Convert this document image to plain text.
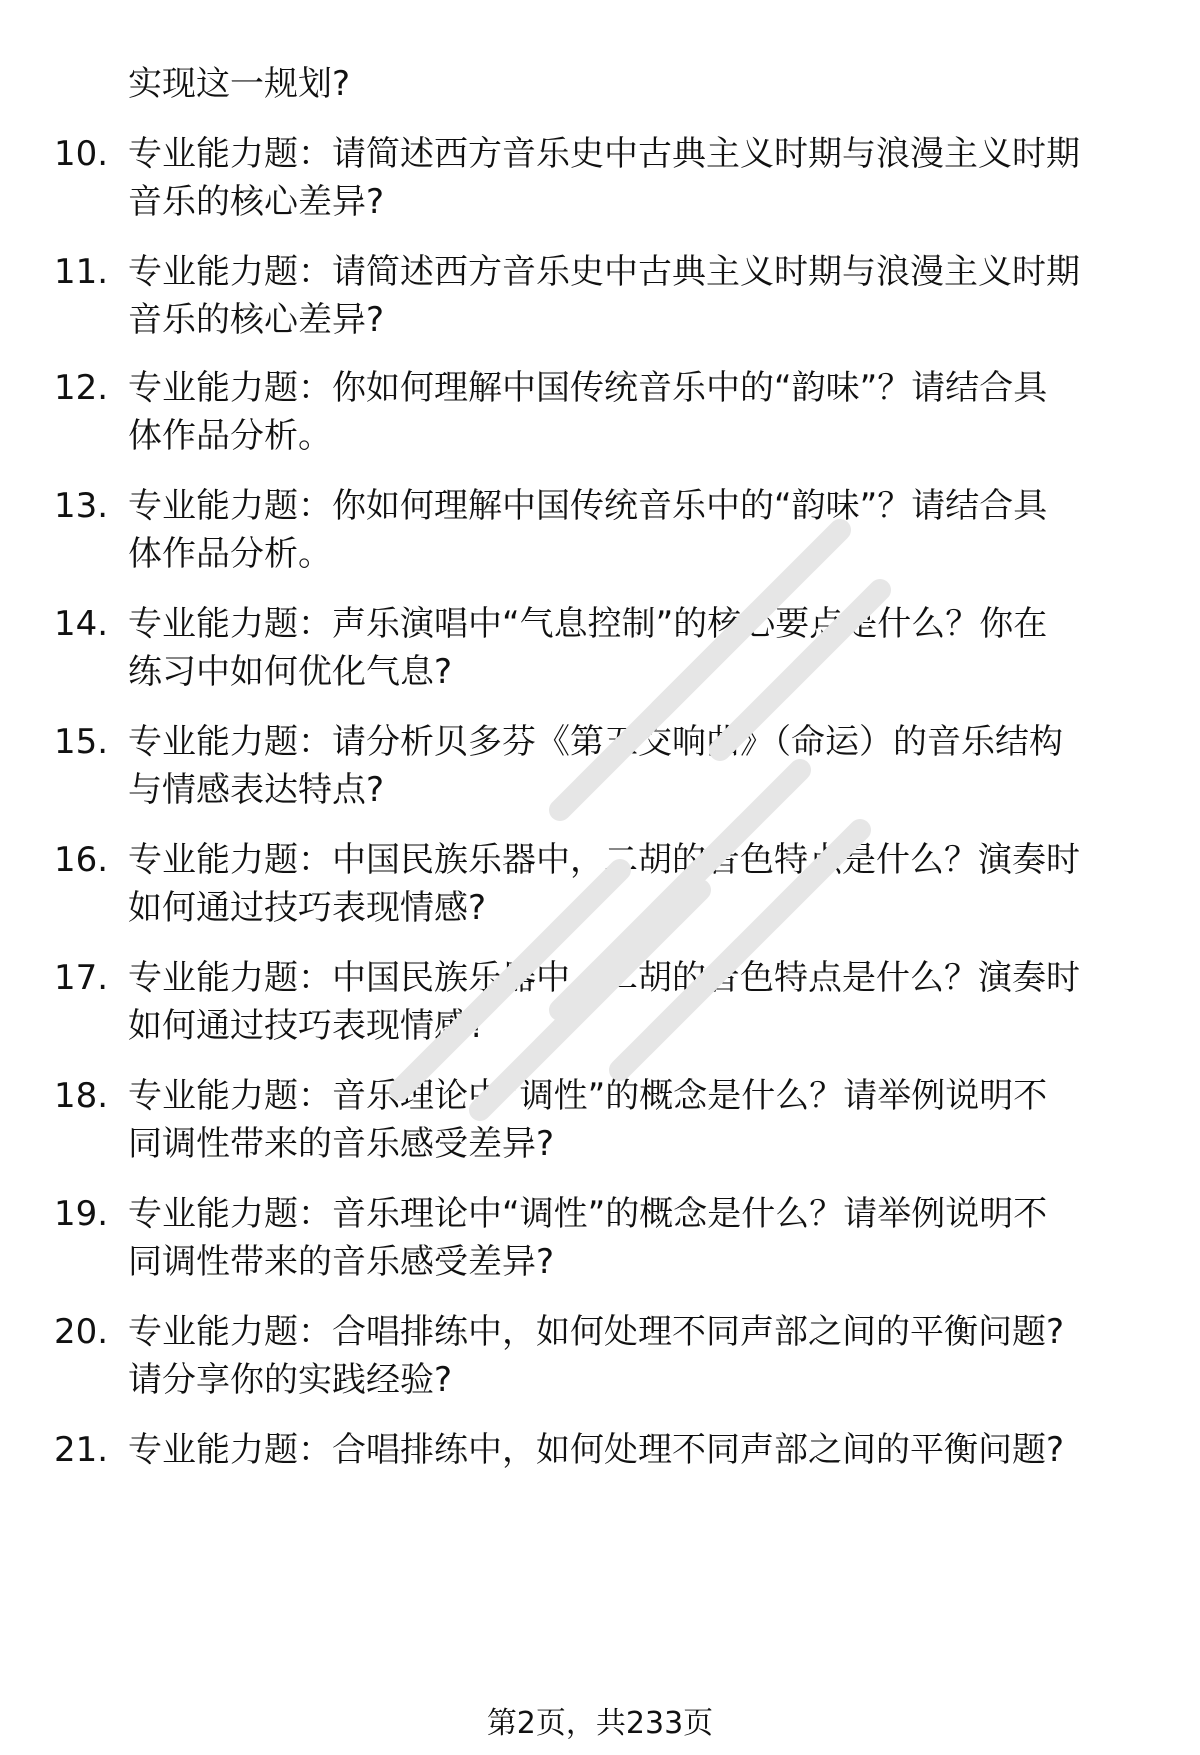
实现这一规划?
10. 专业能力题：请简述西方音乐史中古典主义时期与浪漫主义时期
音乐的核心差异?
11. 专业能力题：请简述西方音乐史中古典主义时期与浪漫主义时期
音乐的核心差异?
12. 专业能力题：你如何理解中国传统音乐中的“韵味”？请结合具
体作品分析。
13. 专业能力题：你如何理解中国传统音乐中的“韵味”？请结合具
体作品分析。
14. 专业能力题：声乐演唱中“气息控制”的核心要点是什么？你在
练习中如何优化气息?
15. 专业能力题：请分析贝多芬《第五交响曲》（命运）的音乐结构
与情感表达特点?
16. 专业能力题：中国民族乐器中，二胡的音色特点是什么？演奏时
如何通过技巧表现情感?
17. 专业能力题：中国民族乐器中，二胡的音色特点是什么？演奏时
如何通过技巧表现情感?
18. 专业能力题：音乐理论中“调性”的概念是什么？请举例说明不
同调性带来的音乐感受差异?
19. 专业能力题：音乐理论中“调性”的概念是什么？请举例说明不
同调性带来的音乐感受差异?
20. 专业能力题：合唱排练中，如何处理不同声部之间的平衡问题?
请分享你的实践经验?
21. 专业能力题：合唱排练中，如何处理不同声部之间的平衡问题?
第2页，共233页
